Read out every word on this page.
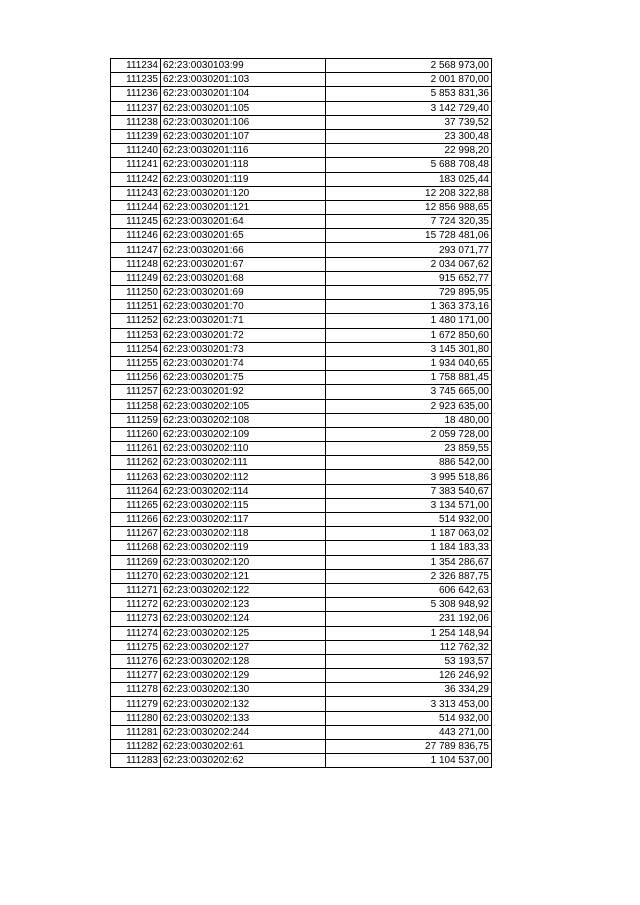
111234	62:23:0030103:99	2 568 973,00
111235	62:23:0030201:103	2 001 870,00
111236	62:23:0030201:104	5 853 831,36
111237	62:23:0030201:105	3 142 729,40
111238	62:23:0030201:106	37 739,52
111239	62:23:0030201:107	23 300,48
111240	62:23:0030201:116	22 998,20
111241	62:23:0030201:118	5 688 708,48
111242	62:23:0030201:119	183 025,44
111243	62:23:0030201:120	12 208 322,88
111244	62:23:0030201:121	12 856 988,65
111245	62:23:0030201:64	7 724 320,35
111246	62:23:0030201:65	15 728 481,06
111247	62:23:0030201:66	293 071,77
111248	62:23:0030201:67	2 034 067,62
111249	62:23:0030201:68	915 652,77
111250	62:23:0030201:69	729 895,95
111251	62:23:0030201:70	1 363 373,16
111252	62:23:0030201:71	1 480 171,00
111253	62:23:0030201:72	1 672 850,60
111254	62:23:0030201:73	3 145 301,80
111255	62:23:0030201:74	1 934 040,65
111256	62:23:0030201:75	1 758 881,45
111257	62:23:0030201:92	3 745 665,00
111258	62:23:0030202:105	2 923 635,00
111259	62:23:0030202:108	18 480,00
111260	62:23:0030202:109	2 059 728,00
111261	62:23:0030202:110	23 859,55
111262	62:23:0030202:111	886 542,00
111263	62:23:0030202:112	3 995 518,86
111264	62:23:0030202:114	7 383 540,67
111265	62:23:0030202:115	3 134 571,00
111266	62:23:0030202:117	514 932,00
111267	62:23:0030202:118	1 187 063,02
111268	62:23:0030202:119	1 184 183,33
111269	62:23:0030202:120	1 354 286,67
111270	62:23:0030202:121	2 326 887,75
111271	62:23:0030202:122	606 642,63
111272	62:23:0030202:123	5 308 948,92
111273	62:23:0030202:124	231 192,06
111274	62:23:0030202:125	1 254 148,94
111275	62:23:0030202:127	112 762,32
111276	62:23:0030202:128	53 193,57
111277	62:23:0030202:129	126 246,92
111278	62:23:0030202:130	36 334,29
111279	62:23:0030202:132	3 313 453,00
111280	62:23:0030202:133	514 932,00
111281	62:23:0030202:244	443 271,00
111282	62:23:0030202:61	27 789 836,75
111283	62:23:0030202:62	1 104 537,00
